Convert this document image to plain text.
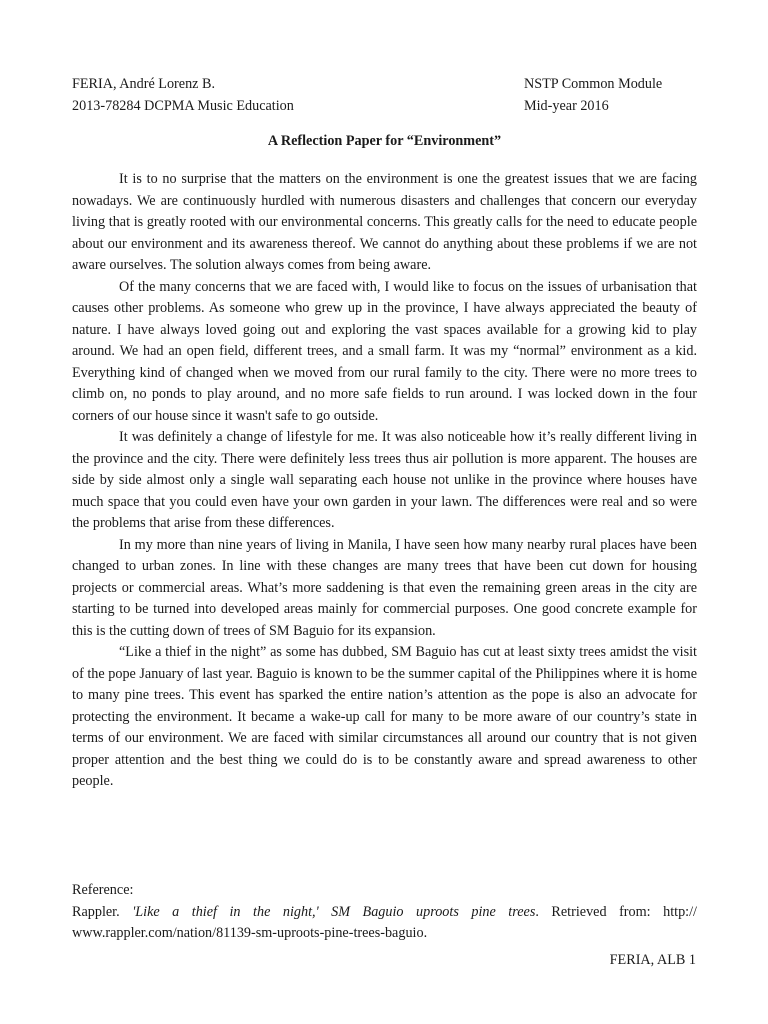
FERIA, André Lorenz B.
2013-78284 DCPMA Music Education
NSTP Common Module
Mid-year 2016
A Reflection Paper for “Environment”

It is to no surprise that the matters on the environment is one the greatest issues that we are facing nowadays. We are continuously hurdled with numerous disasters and challenges that concern our everyday living that is greatly rooted with our environmental concerns. This greatly calls for the need to educate people about our environment and its awareness thereof. We cannot do anything about these problems if we are not aware ourselves. The solution always comes from being aware.

Of the many concerns that we are faced with, I would like to focus on the issues of urbanisation that causes other problems. As someone who grew up in the province, I have always appreciated the beauty of nature. I have always loved going out and exploring the vast spaces available for a growing kid to play around. We had an open field, different trees, and a small farm. It was my “normal” environment as a kid. Everything kind of changed when we moved from our rural family to the city. There were no more trees to climb on, no ponds to play around, and no more safe fields to run around. I was locked down in the four corners of our house since it wasn't safe to go outside.

It was definitely a change of lifestyle for me. It was also noticeable how it’s really different living in the province and the city. There were definitely less trees thus air pollution is more apparent. The houses are side by side almost only a single wall separating each house not unlike in the province where houses have much space that you could even have your own garden in your lawn. The differences were real and so were the problems that arise from these differences.

In my more than nine years of living in Manila, I have seen how many nearby rural places have been changed to urban zones. In line with these changes are many trees that have been cut down for housing projects or commercial areas. What’s more saddening is that even the remaining green areas in the city are starting to be turned into developed areas mainly for commercial purposes. One good concrete example for this is the cutting down of trees of SM Baguio for its expansion.

“Like a thief in the night” as some has dubbed, SM Baguio has cut at least sixty trees amidst the visit of the pope January of last year. Baguio is known to be the summer capital of the Philippines where it is home to many pine trees. This event has sparked the entire nation’s attention as the pope is also an advocate for protecting the environment. It became a wake-up call for many to be more aware of our country’s state in terms of our environment. We are faced with similar circumstances all around our country that is not given proper attention and the best thing we could do is to be constantly aware and spread awareness to other people.

Reference:

Rappler. 'Like a thief in the night,' SM Baguio uproots pine trees. Retrieved from: http:// www.rappler.com/nation/81139-sm-uproots-pine-trees-baguio.

FERIA, ALB 1
